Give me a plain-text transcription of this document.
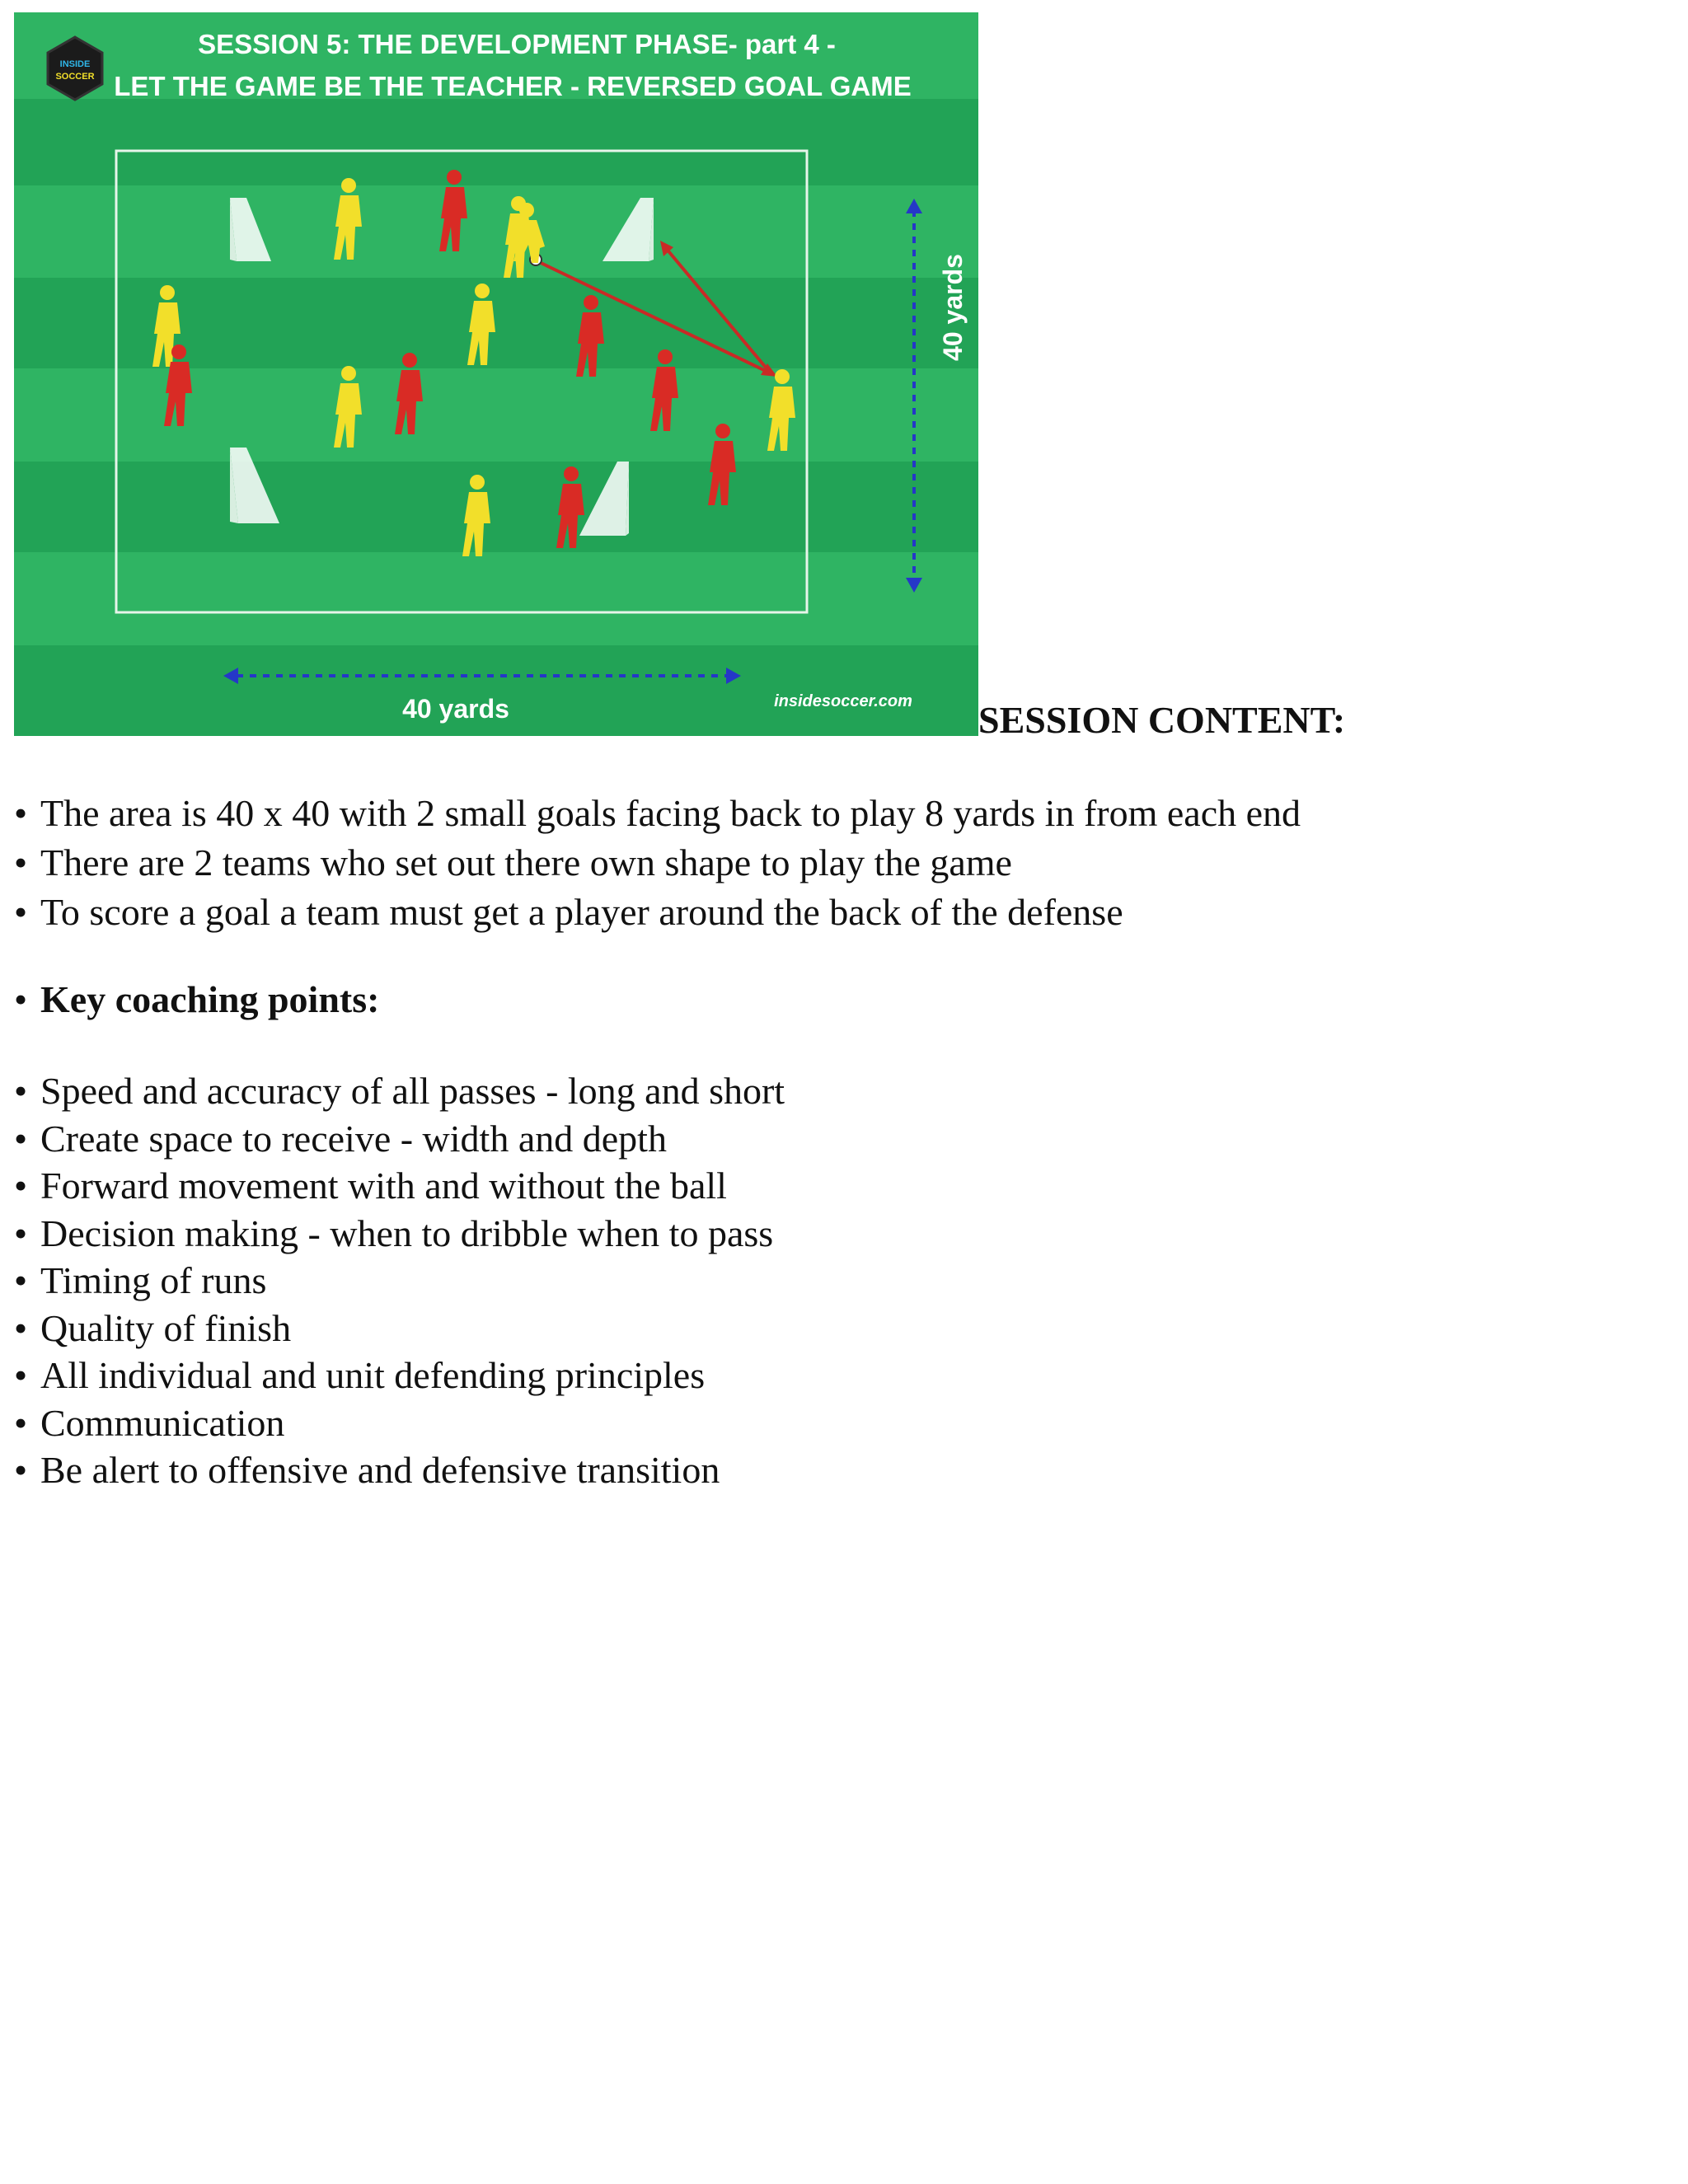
INSIDE
SOCCER
SESSION 5: THE DEVELOPMENT PHASE- part 4 -
LET THE GAME BE THE TEACHER - REVERSED GOAL GAME
40 yards
40 yards	insidesoccer.com SESSION CONTENT:
• The area is 40 x 40 with 2 small goals facing back to play 8 yards in from each end
• There are 2 teams who set out there own shape to play the game
• To score a goal a team must get a player around the back of the defense
• Key coaching points:
• Speed and accuracy of all passes - long and short
• Create space to receive - width and depth
• Forward movement with and without the ball
• Decision making - when to dribble when to pass
• Timing of runs
• Quality of finish
• All individual and unit defending principles
• Communication
• Be alert to offensive and defensive transition
